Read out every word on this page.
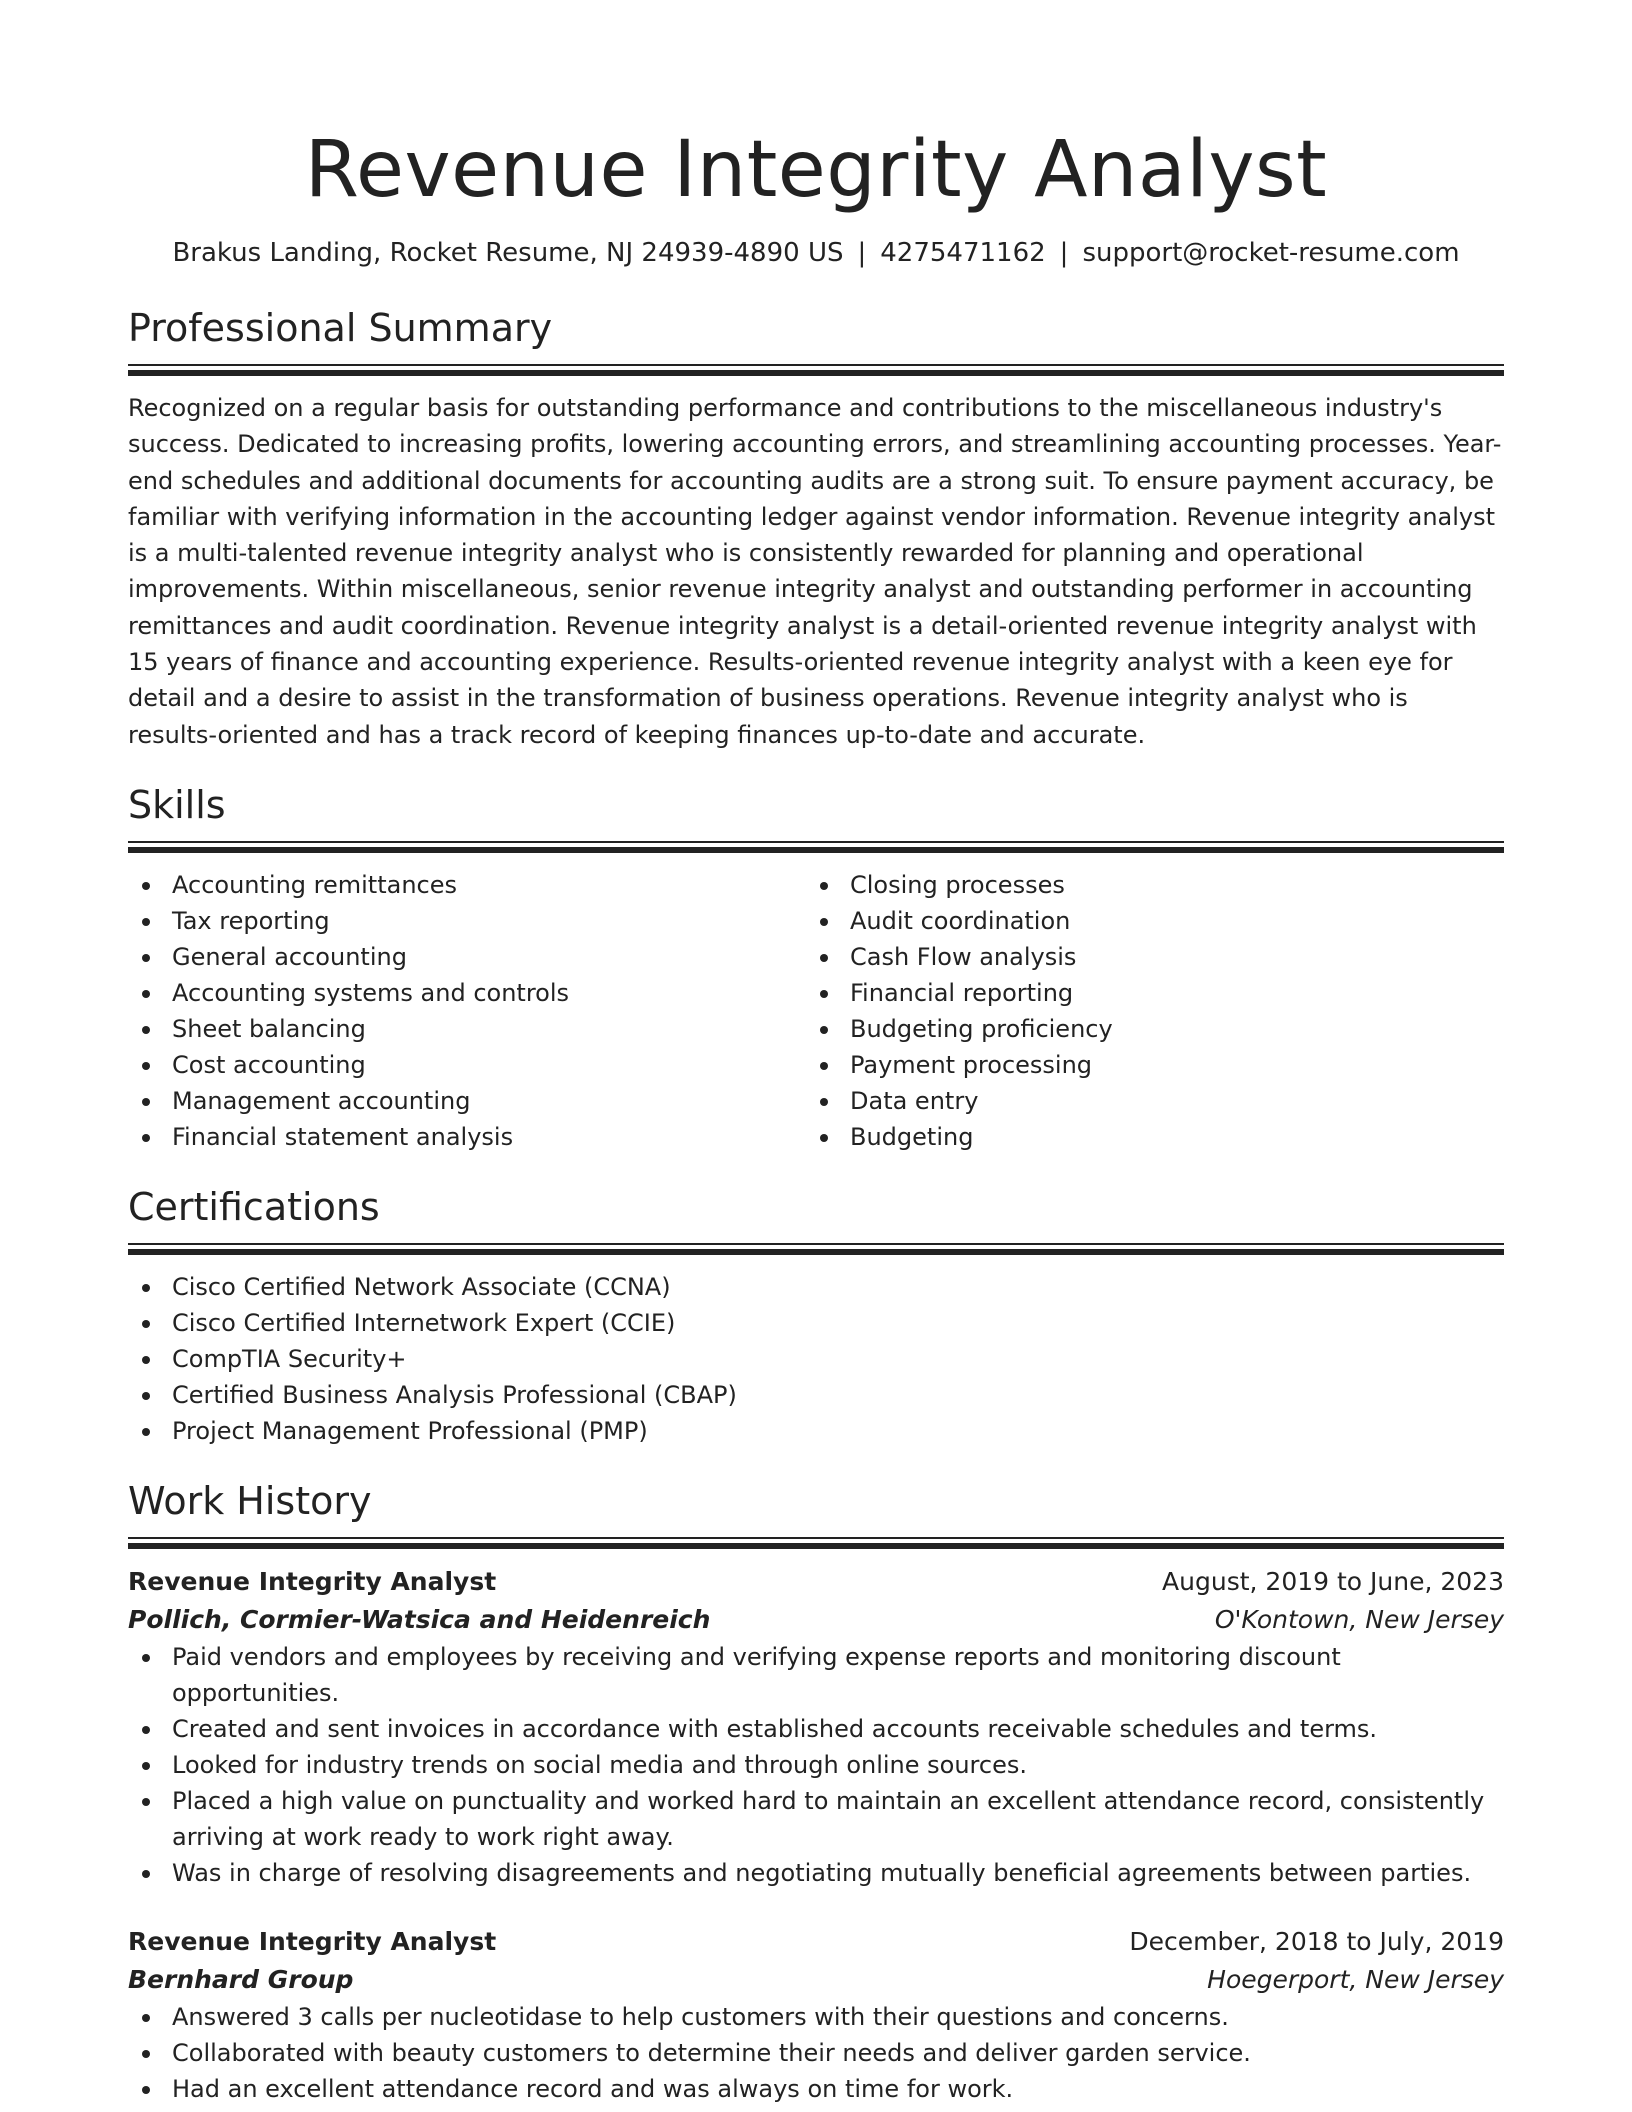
Revenue Integrity Analyst
Brakus Landing, Rocket Resume, NJ 24939-4890 US | 4275471162 | support@rocket-resume.com
Professional Summary

Recognized on a regular basis for outstanding performance and contributions to the miscellaneous industry's success. Dedicated to increasing profits, lowering accounting errors, and streamlining accounting processes. Year-end schedules and additional documents for accounting audits are a strong suit. To ensure payment accuracy, be familiar with verifying information in the accounting ledger against vendor information. Revenue integrity analyst is a multi-talented revenue integrity analyst who is consistently rewarded for planning and operational improvements. Within miscellaneous, senior revenue integrity analyst and outstanding performer in accounting remittances and audit coordination. Revenue integrity analyst is a detail-oriented revenue integrity analyst with 15 years of finance and accounting experience. Results-oriented revenue integrity analyst with a keen eye for detail and a desire to assist in the transformation of business operations. Revenue integrity analyst who is results-oriented and has a track record of keeping finances up-to-date and accurate.

Skills
Accounting remittances
Tax reporting
General accounting
Accounting systems and controls
Sheet balancing
Cost accounting
Management accounting
Financial statement analysis
Closing processes
Audit coordination
Cash Flow analysis
Financial reporting
Budgeting proficiency
Payment processing
Data entry
Budgeting
Certifications
Cisco Certified Network Associate (CCNA)
Cisco Certified Internetwork Expert (CCIE)
CompTIA Security+
Certified Business Analysis Professional (CBAP)
Project Management Professional (PMP)
Work History
Revenue Integrity Analyst	August, 2019 to June, 2023
Pollich, Cormier-Watsica and Heidenreich	O'Kontown, New Jersey
Paid vendors and employees by receiving and verifying expense reports and monitoring discount opportunities.
Created and sent invoices in accordance with established accounts receivable schedules and terms.
Looked for industry trends on social media and through online sources.
Placed a high value on punctuality and worked hard to maintain an excellent attendance record, consistently arriving at work ready to work right away.
Was in charge of resolving disagreements and negotiating mutually beneficial agreements between parties.
Revenue Integrity Analyst	December, 2018 to July, 2019
Bernhard Group	Hoegerport, New Jersey
Answered 3 calls per nucleotidase to help customers with their questions and concerns.
Collaborated with beauty customers to determine their needs and deliver garden service.
Had an excellent attendance record and was always on time for work.
